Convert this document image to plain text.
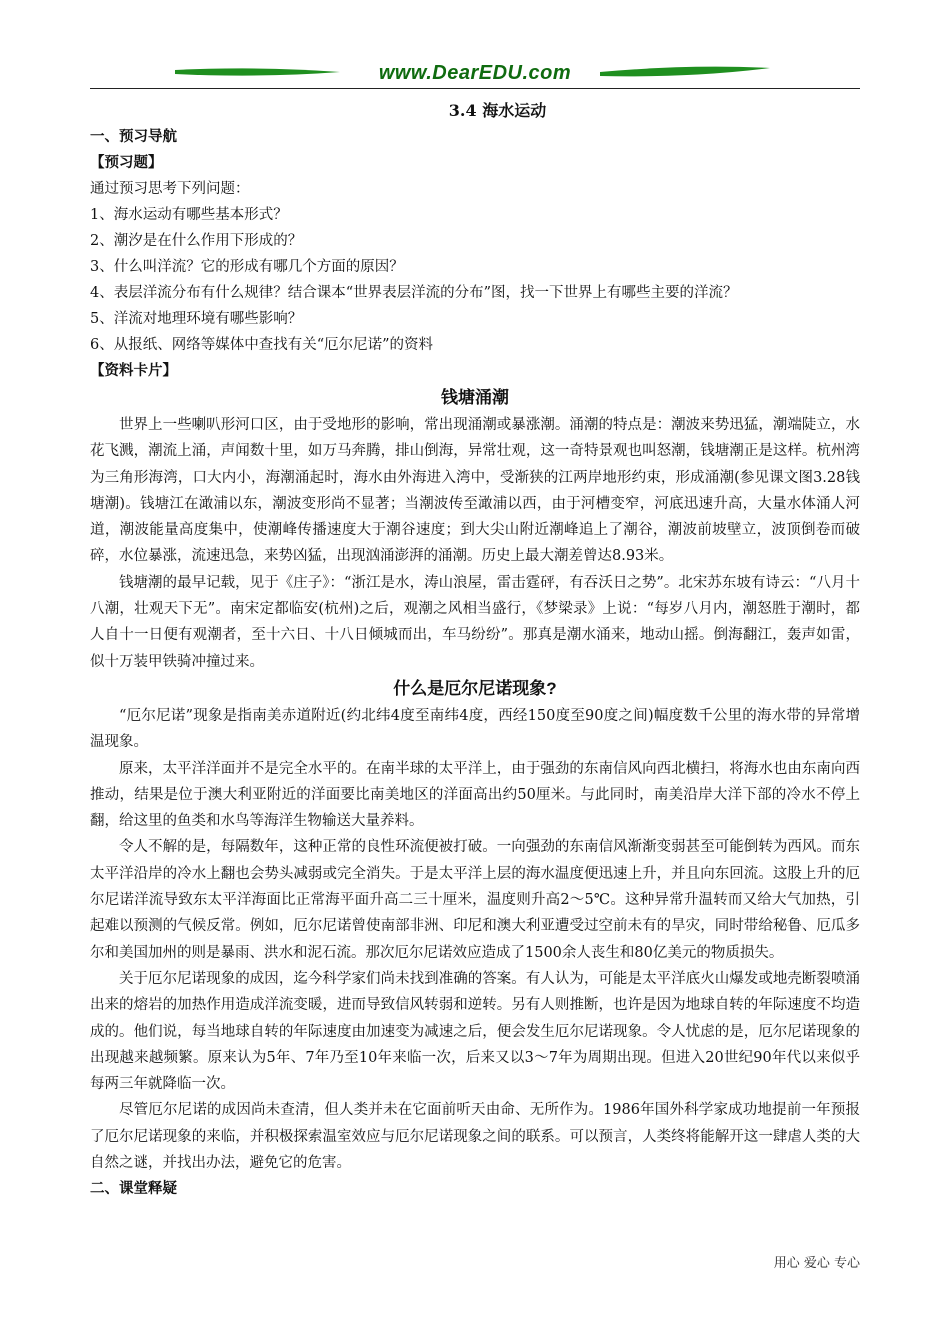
www.DearEDU.com
3.4 海水运动
一、预习导航
【预习题】
通过预习思考下列问题：
1、海水运动有哪些基本形式？
2、潮汐是在什么作用下形成的？
3、什么叫洋流？它的形成有哪几个方面的原因？
4、表层洋流分布有什么规律？结合课本“世界表层洋流的分布”图，找一下世界上有哪些主要的洋流？
5、洋流对地理环境有哪些影响？
6、从报纸、网络等媒体中查找有关“厄尔尼诺”的资料
【资料卡片】
钱塘涌潮

世界上一些喇叭形河口区，由于受地形的影响，常出现涌潮或暴涨潮。涌潮的特点是：潮波来势迅猛，潮端陡立，水花飞溅，潮流上涌，声闻数十里，如万马奔腾，排山倒海，异常壮观，这一奇特景观也叫怒潮，钱塘潮正是这样。杭州湾为三角形海湾，口大内小，海潮涌起时，海水由外海进入湾中，受渐狭的江两岸地形约束，形成涌潮(参见课文图3.28钱塘潮)。钱塘江在澉浦以东，潮波变形尚不显著；当潮波传至澉浦以西，由于河槽变窄，河底迅速升高，大量水体涌人河道，潮波能量高度集中，使潮峰传播速度大于潮谷速度；到大尖山附近潮峰追上了潮谷，潮波前坡壁立，波顶倒卷而破碎，水位暴涨，流速迅急，来势凶猛，出现汹涌澎湃的涌潮。历史上最大潮差曾达8.93米。

钱塘潮的最早记载，见于《庄子》：“浙江是水，涛山浪屋，雷击霆砰，有吞沃日之势”。北宋苏东坡有诗云：“八月十八潮，壮观天下无”。南宋定都临安(杭州)之后，观潮之风相当盛行，《梦梁录》上说：“每岁八月内，潮怒胜于潮时，都人自十一日便有观潮者，至十六日、十八日倾城而出，车马纷纷”。那真是潮水涌来，地动山摇。倒海翻江，轰声如雷，似十万装甲铁骑冲撞过来。

什么是厄尔尼诺现象?

“厄尔尼诺”现象是指南美赤道附近(约北纬4度至南纬4度，西经150度至90度之间)幅度数千公里的海水带的异常增温现象。

原来，太平洋洋面并不是完全水平的。在南半球的太平洋上，由于强劲的东南信风向西北横扫，将海水也由东南向西推动，结果是位于澳大利亚附近的洋面要比南美地区的洋面高出约50厘米。与此同时，南美沿岸大洋下部的冷水不停上翻，给这里的鱼类和水鸟等海洋生物输送大量养料。

令人不解的是，每隔数年，这种正常的良性环流便被打破。一向强劲的东南信风渐渐变弱甚至可能倒转为西风。而东太平洋沿岸的冷水上翻也会势头减弱或完全消失。于是太平洋上层的海水温度便迅速上升，并且向东回流。这股上升的厄尔尼诺洋流导致东太平洋海面比正常海平面升高二三十厘米，温度则升高2～5℃。这种异常升温转而又给大气加热，引起难以预测的气候反常。例如，厄尔尼诺曾使南部非洲、印尼和澳大利亚遭受过空前未有的旱灾，同时带给秘鲁、厄瓜多尔和美国加州的则是暴雨、洪水和泥石流。那次厄尔尼诺效应造成了1500余人丧生和80亿美元的物质损失。

关于厄尔尼诺现象的成因，迄今科学家们尚未找到准确的答案。有人认为，可能是太平洋底火山爆发或地壳断裂喷涌出来的熔岩的加热作用造成洋流变暖，进而导致信风转弱和逆转。另有人则推断，也许是因为地球自转的年际速度不均造成的。他们说，每当地球自转的年际速度由加速变为减速之后，便会发生厄尔尼诺现象。令人忧虑的是，厄尔尼诺现象的出现越来越频繁。原来认为5年、7年乃至10年来临一次，后来又以3～7年为周期出现。但进入20世纪90年代以来似乎每两三年就降临一次。

尽管厄尔尼诺的成因尚未查清，但人类并未在它面前听天由命、无所作为。1986年国外科学家成功地提前一年预报了厄尔尼诺现象的来临，并积极探索温室效应与厄尔尼诺现象之间的联系。可以预言，人类终将能解开这一肆虐人类的大自然之谜，并找出办法，避免它的危害。

二、课堂释疑
用心 爱心 专心
